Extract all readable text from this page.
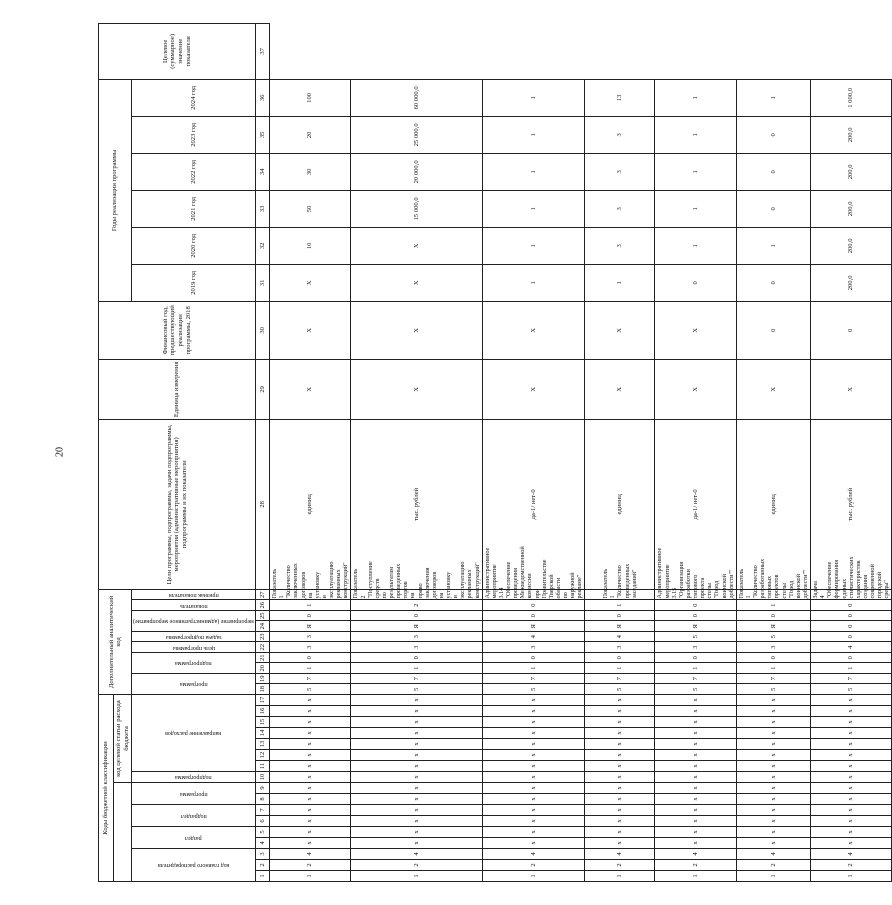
20
Коды бюджетной классификации																	Дополнительный аналитический код										Цели программы, подпрограммы, задачи подпрограммы, мероприятия (административные мероприятия) подпрограммы и их показатели	Единица измерения	Финансовый год, предшествующий реализации программы, 2018	Годы реализации программы						Целевое (суммарное) значение показателя
									код целевой статьи расхода бюджета																											

код главного распорядителя			раздел		подраздел		программа		подпрограмма	направление расходов							программа		подпрограмма		цель программы	задача подпрограммы	мероприятие (административное мероприятие)		показатель	признак показателя				2019 год	2020 год	2021 год	2022 год	2023 год	2024 год	
1	2	3	4	5	6	7	8	9	10	11	12	13	14	15	16	17	18	19	20	21	22	23	24	25	26	27	28	29	30	31	32	33	34	35	36	37
1	2	4	x	x	x	x	x	x	x	x	x	x	x	x	x	x	5	7	1	0	3	3	Я	0	1	Показатель 1 "Количество заключенных договоров на установку и эксплуатацию рекламных конструкций"	единиц	X	X	X	10	50	30	20	100	
1	2	4	x	x	x	x	x	x	x	x	x	x	x	x	x	x	5	7	1	0	3	3	Я	0	2	Показатель 2 "Поступление средств по результатам проведенных торгов на право заключения договоров на установку и эксплуатацию рекламных конструкций"	тыс. рублей	X	X	X	X	15 000,0	20 000,0	25 000,0	60 000,0	
1	2	4	x	x	x	x	x	x	x	x	x	x	x	x	x	x	5	7	1	0	3	4	Я	0	0	Административное мероприятие 3.14 "Обеспечение проведения Межведомственной комиссии при Правительстве Тверской области по наружной рекламе"	да-1/ нет-0	X	X	1	1	1	1	1	1	
1	2	4	x	x	x	x	x	x	x	x	x	x	x	x	x	x	5	7	1	0	3	4	Я	0	1	Показатель 1 "Количество проведенных заседаний"	единиц	X	X	1	3	3	3	3	13	
1	2	4	x	x	x	x	x	x	x	x	x	x	x	x	x	x	5	7	1	0	3	5	Я	0	0	Административное мероприятие 3.15 "Организация разработки типового проекта стелы "Город воинской доблести""	да-1/ нет-0	X	X	0	1	1	1	1	1	
1	2	4	x	x	x	x	x	x	x	x	x	x	x	x	x	x	5	7	1	0	3	5	Я	0	1	Показатель 1 "Количество разработанных типовых проектов стелы "Город воинской доблести""	единиц	X	0	0	1	0	0	0	1	
1	2	4	x	x	x	x	x	x	x	x	x	x	x	x	x	x	5	7	1	0	4	0	0	0	0	Задача 4 "Обеспечение формирования единых стилистических характеристик создания современной городской среды"	тыс. рублей	X	0	200,0	200,0	200,0	200,0	200,0	1 000,0	
